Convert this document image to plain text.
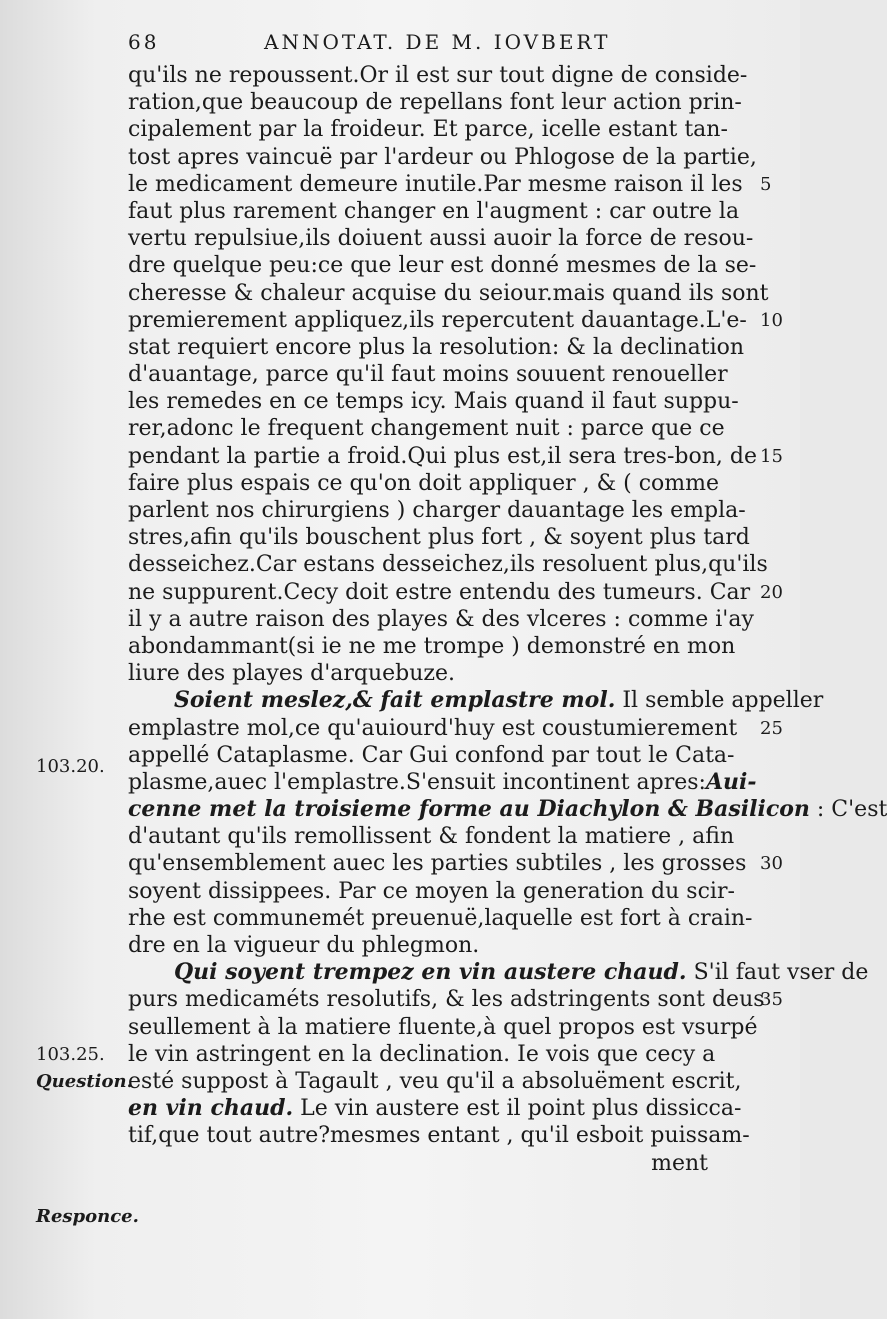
68	ANNOTAT. DE M. IOVBERT
103.20.
103.25.
Question.
Responce.
qu'ils ne repoussent.Or il est sur tout digne de conside-
ration,que beaucoup de repellans font leur action prin-
cipalement par la froideur. Et parce, icelle estant tan-
tost apres vaincuë par l'ardeur ou Phlogose de la partie,
le medicament demeure inutile.Par mesme raison il les 5
faut plus rarement changer en l'augment : car outre la
vertu repulsiue,ils doiuent aussi auoir la force de resou-
dre quelque peu:ce que leur est donné mesmes de la se-
cheresse & chaleur acquise du seiour.mais quand ils sont
premierement appliquez,ils repercutent dauantage.L'e- 10
stat requiert encore plus la resolution: & la declination
d'auantage, parce qu'il faut moins souuent renoueller
les remedes en ce temps icy. Mais quand il faut suppu-
rer,adonc le frequent changement nuit : parce que ce
pendant la partie a froid.Qui plus est,il sera tres-bon, de 15
faire plus espais ce qu'on doit appliquer , & ( comme
parlent nos chirurgiens ) charger dauantage les empla-
stres,afin qu'ils bouschent plus fort , & soyent plus tard
desseichez.Car estans desseichez,ils resoluent plus,qu'ils
ne suppurent.Cecy doit estre entendu des tumeurs. Car 20
il y a autre raison des playes & des vlceres : comme i'ay
abondammant(si ie ne me trompe ) demonstré en mon
liure des playes d'arquebuze.
Soient meslez,& fait emplastre mol. Il semble appeller
emplastre mol,ce qu'auiourd'huy est coustumierement 25
appellé Cataplasme. Car Gui confond par tout le Cata-
plasme,auec l'emplastre.S'ensuit incontinent apres:Aui-
cenne met la troisieme forme au Diachylon & Basilicon : C'est
d'autant qu'ils remollissent & fondent la matiere , afin
qu'ensemblement auec les parties subtiles , les grosses 30
soyent dissippees. Par ce moyen la generation du scir-
rhe est communemét preuenuë,laquelle est fort à crain-
dre en la vigueur du phlegmon.
Qui soyent trempez en vin austere chaud. S'il faut vser de
purs medicaméts resolutifs, & les adstringents sont deus
35
seullement à la matiere fluente,à quel propos est vsurpé
le vin astringent en la declination. Ie vois que cecy a
esté suppost à Tagault , veu qu'il a absoluëment escrit,
en vin chaud. Le vin austere est il point plus dissicca-
tif,que tout autre?mesmes entant , qu'il esboit puissam-
ment
